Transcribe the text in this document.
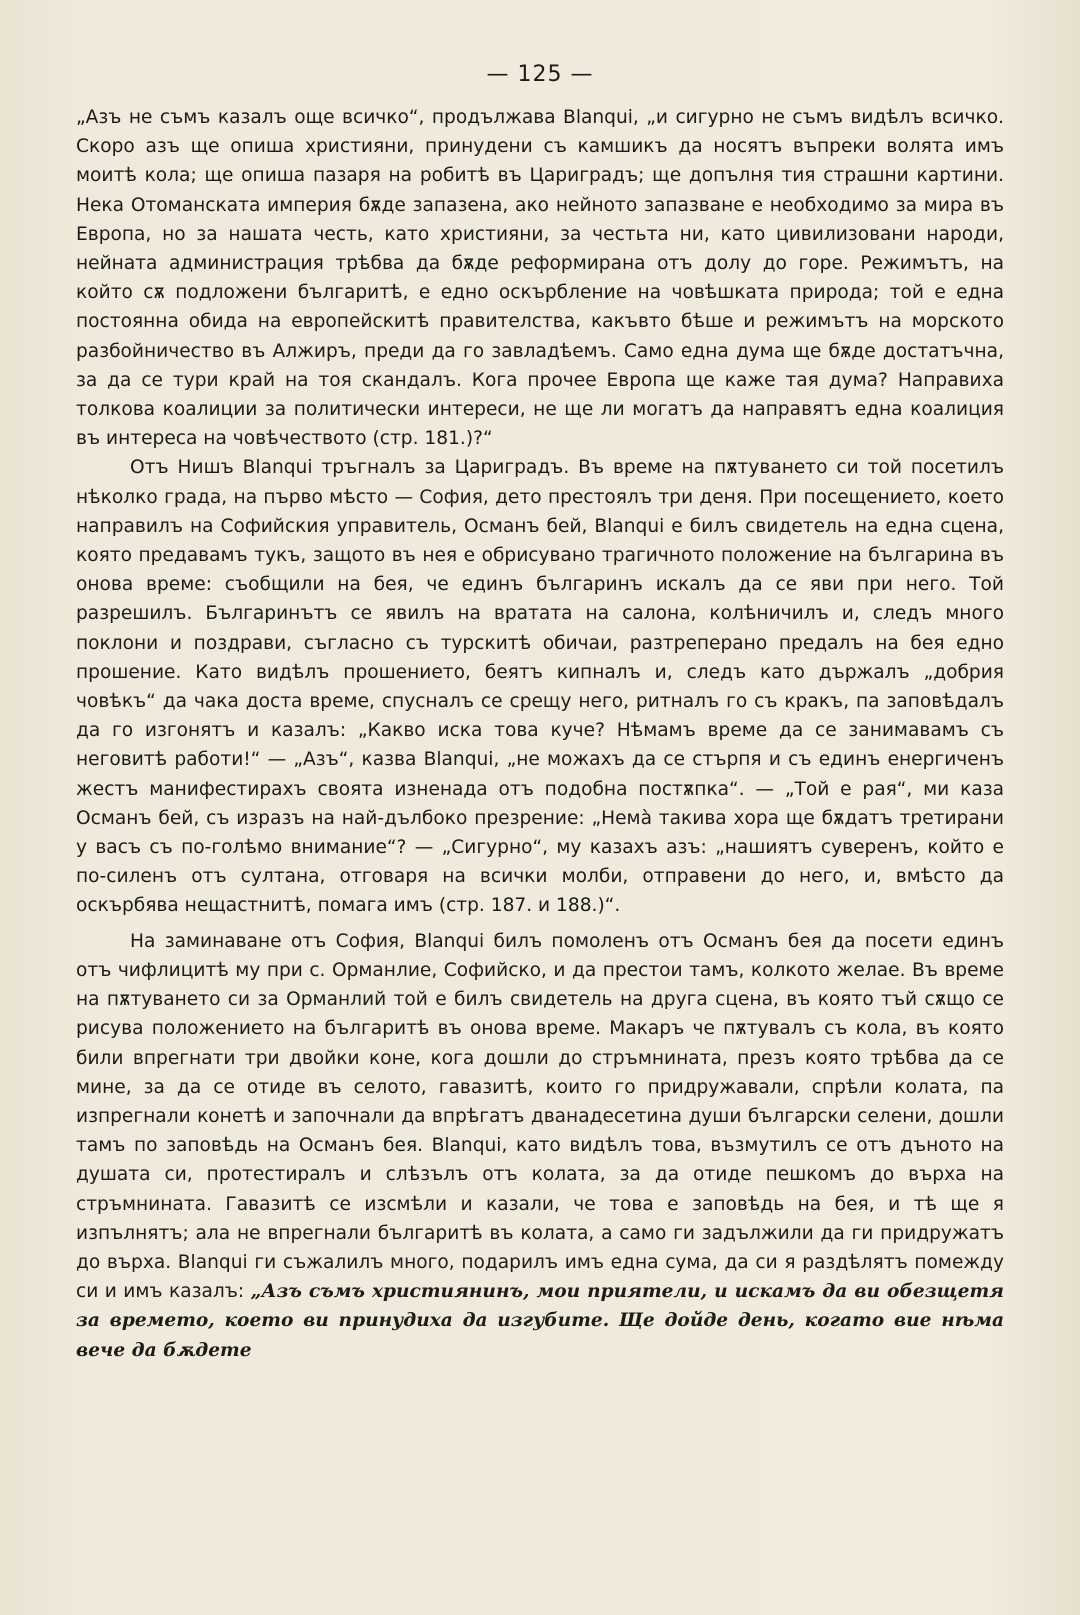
— 125 —

„Азъ не съмъ казалъ още всичко“, продължава Blanqui, „и сигурно не съмъ видѣлъ всичко. Скоро азъ ще опиша християни, принудени съ камшикъ да носятъ въпреки волята имъ моитѣ кола; ще опиша пазаря на робитѣ въ Цариградъ; ще допълня тия страшни картини. Нека Отоманската империя бѫде запазена, ако нейното запазване е необходимо за мира въ Европа, но за нашата честь, като християни, за честьта ни, като цивилизовани народи, нейната администрация трѣбва да бѫде реформирана отъ долу до горе. Режимътъ, на който сѫ подложени българитѣ, е едно оскърбление на човѣшката природа; той е една постоянна обида на европейскитѣ правителства, какъвто бѣше и режимътъ на морското разбойничество въ Алжиръ, преди да го завладѣемъ. Само една дума ще бѫде достатъчна, за да се тури край на тоя скандалъ. Кога прочее Европа ще каже тая дума? Направиха толкова коалиции за политически интереси, не ще ли могатъ да направятъ една коалиция въ интереса на човѣчеството (стр. 181.)?“

Отъ Нишъ Blanqui тръгналъ за Цариградъ. Въ време на пѫтуването си той посетилъ нѣколко града, на първо мѣсто — София, дето престоялъ три деня. При посещението, което направилъ на Софийския управитель, Османъ бей, Blanqui е билъ свидетель на една сцена, която предавамъ тукъ, защото въ нея е обрисувано трагичното положение на българина въ онова време: съобщили на бея, че единъ българинъ искалъ да се яви при него. Той разрешилъ. Българинътъ се явилъ на вратата на салона, колѣничилъ и, следъ много поклони и поздрави, съгласно съ турскитѣ обичаи, разтреперано предалъ на бея едно прошение. Като видѣлъ прошението, беятъ кипналъ и, следъ като държалъ „добрия човѣкъ“ да чака доста време, спусналъ се срещу него, ритналъ го съ кракъ, па заповѣдалъ да го изгонятъ и казалъ: „Какво иска това куче? Нѣмамъ време да се занимавамъ съ неговитѣ работи!“ — „Азъ“, казва Blanqui, „не можахъ да се стърпя и съ единъ енергиченъ жестъ манифестирахъ своята изненада отъ подобна постѫпка“. — „Той е рая“, ми каза Османъ бей, съ изразъ на най-дълбоко презрение: „Нема̀ такива хора ще бѫдатъ третирани у васъ съ по-голѣмо внимание“? — „Сигурно“, му казахъ азъ: „нашиятъ суверенъ, който е по-силенъ отъ султана, отговаря на всички молби, отправени до него, и, вмѣсто да оскърбява нещастнитѣ, помага имъ (стр. 187. и 188.)“.

На заминаване отъ София, Blanqui билъ помоленъ отъ Османъ бея да посети единъ отъ чифлицитѣ му при с. Орманлие, Софийско, и да престои тамъ, колкото желае. Въ време на пѫтуването си за Орманлий той е билъ свидетель на друга сцена, въ която тъй сѫщо се рисува положението на българитѣ въ онова време. Макаръ че пѫтувалъ съ кола, въ която били впрегнати три двойки коне, кога дошли до стръмнината, презъ която трѣбва да се мине, за да се отиде въ селото, гавазитѣ, които го придружавали, спрѣли колата, па изпрегнали конетѣ и започнали да впрѣгатъ дванадесетина души български селени, дошли тамъ по заповѣдь на Османъ бея. Blanqui, като видѣлъ това, възмутилъ се отъ дъното на душата си, протестиралъ и слѣзълъ отъ колата, за да отиде пешкомъ до върха на стръмнината. Гавазитѣ се изсмѣли и казали, че това е заповѣдь на бея, и тѣ ще я изпълнятъ; ала не впрегнали българитѣ въ колата, а само ги задължили да ги придружатъ до върха. Blanqui ги съжалилъ много, подарилъ имъ една сума, да си я раздѣлятъ помежду си и имъ казалъ: „Азъ съмъ християнинъ, мои приятели, и искамъ да ви обезщетя за времето, което ви принудиха да изгубите. Ще дойде день, когато вие нѣма вече да бѫдете
